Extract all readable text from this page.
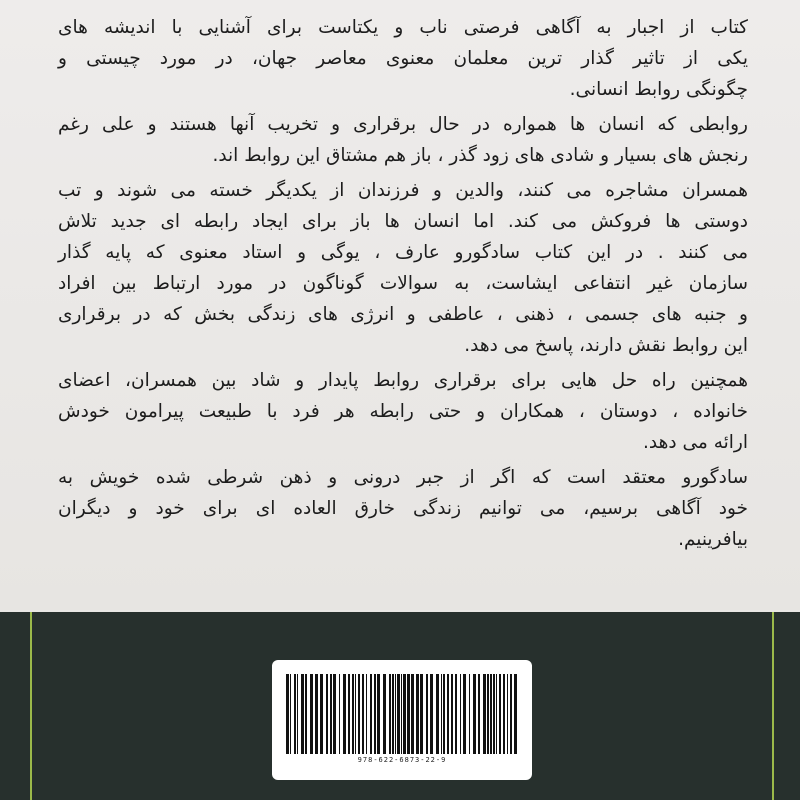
کتاب از اجبار به آگاهی فرصتی ناب و یکتاست برای آشنایی با اندیشه های
یکی از تاثیر گذار ترین معلمان معنوی معاصر جهان، در مورد چیستی و
چگونگی روابط انسانی.

روابطی که انسان ها همواره در حال برقراری و تخریب آنها هستند و علی رغم
رنجش های بسیار و شادی های زود گذر ، باز هم مشتاق این روابط اند.

همسران مشاجره می کنند، والدین و فرزندان از یکدیگر خسته می شوند و تب
دوستی ها فروکش می کند. اما انسان ها باز برای ایجاد رابطه ای جدید تلاش
می کنند . در این کتاب سادگورو عارف ، یوگی و استاد معنوی که پایه گذار
سازمان غیر انتفاعی ایشاست، به سوالات گوناگون در مورد ارتباط بین افراد
و جنبه های جسمی ، ذهنی ، عاطفی و انرژی های زندگی بخش که در برقراری
این روابط نقش دارند، پاسخ می دهد.

همچنین راه حل هایی برای برقراری روابط پایدار و شاد بین همسران، اعضای
خانواده ، دوستان ، همکاران و حتی رابطه هر فرد با طبیعت پیرامون خودش
ارائه می دهد.

سادگورو معتقد است که اگر از جبر درونی و ذهن شرطی شده خویش به
خود آگاهی برسیم، می توانیم زندگی خارق العاده ای برای خود و دیگران
بیافرینیم.

978-622-6873-22-9
